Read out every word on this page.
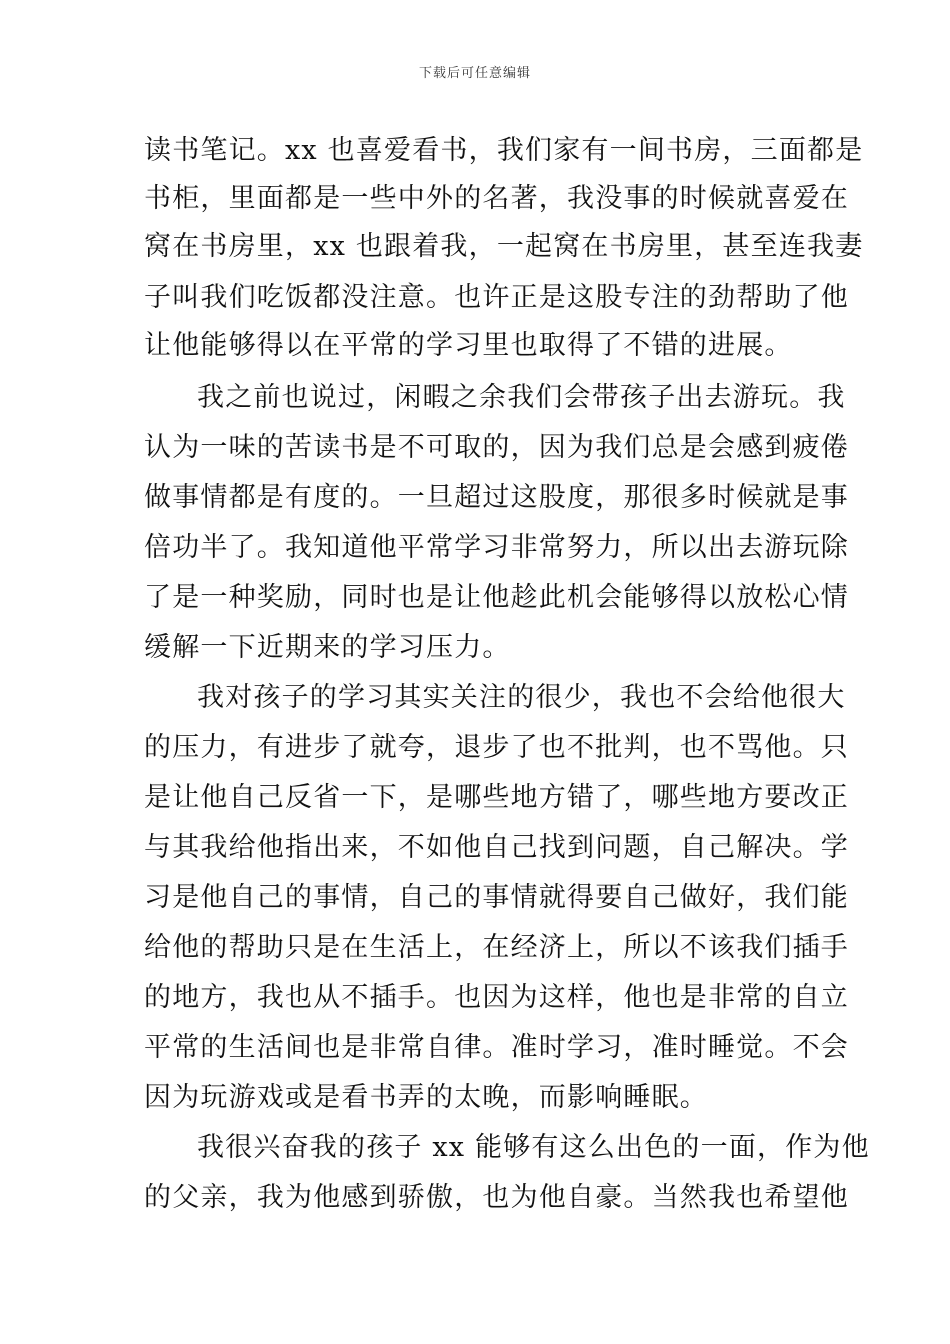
下载后可任意编辑
读书笔记。xx 也喜爱看书，我们家有一间书房，三面都是
书柜，里面都是一些中外的名著，我没事的时候就喜爱在
窝在书房里，xx 也跟着我，一起窝在书房里，甚至连我妻
子叫我们吃饭都没注意。也许正是这股专注的劲帮助了他
让他能够得以在平常的学习里也取得了不错的进展。
我之前也说过，闲暇之余我们会带孩子出去游玩。我
认为一味的苦读书是不可取的，因为我们总是会感到疲倦
做事情都是有度的。一旦超过这股度，那很多时候就是事
倍功半了。我知道他平常学习非常努力，所以出去游玩除
了是一种奖励，同时也是让他趁此机会能够得以放松心情
缓解一下近期来的学习压力。
我对孩子的学习其实关注的很少，我也不会给他很大
的压力，有进步了就夸，退步了也不批判，也不骂他。只
是让他自己反省一下，是哪些地方错了，哪些地方要改正
与其我给他指出来，不如他自己找到问题，自己解决。学
习是他自己的事情，自己的事情就得要自己做好，我们能
给他的帮助只是在生活上，在经济上，所以不该我们插手
的地方，我也从不插手。也因为这样，他也是非常的自立
平常的生活间也是非常自律。准时学习，准时睡觉。不会
因为玩游戏或是看书弄的太晚，而影响睡眠。
我很兴奋我的孩子 xx 能够有这么出色的一面，作为他
的父亲，我为他感到骄傲，也为他自豪。当然我也希望他
